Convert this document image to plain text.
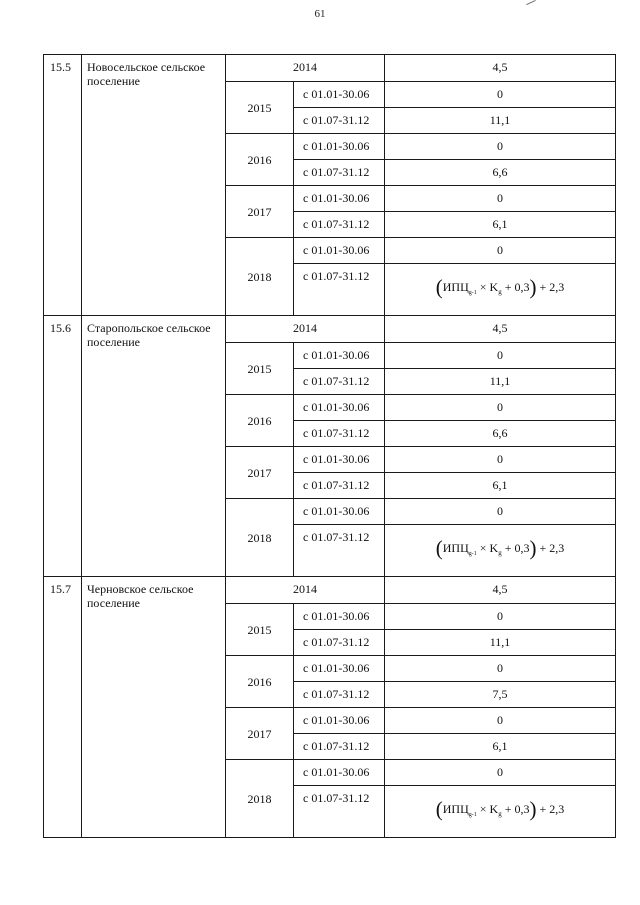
61
15.5	Новосельское сельское поселение	2014		4,5
		2015	с 01.01-30.06	0
			с 01.07-31.12	11,1
		2016	с 01.01-30.06	0
			с 01.07-31.12	6,6
		2017	с 01.01-30.06	0
			с 01.07-31.12	6,1
		2018	с 01.01-30.06	0
			с 01.07-31.12	$(ИПЦ_{g-1} \times K_g + 0,3) + 2,3$

15.6	Старопольское сельское поселение	2014		4,5
		2015	с 01.01-30.06	0
			с 01.07-31.12	11,1
		2016	с 01.01-30.06	0
			с 01.07-31.12	6,6
		2017	с 01.01-30.06	0
			с 01.07-31.12	6,1
		2018	с 01.01-30.06	0
			с 01.07-31.12	$(ИПЦ_{g-1} \times K_g + 0,3) + 2,3$

15.7	Черновское сельское поселение	2014		4,5
		2015	с 01.01-30.06	0
			с 01.07-31.12	11,1
		2016	с 01.01-30.06	0
			с 01.07-31.12	7,5
		2017	с 01.01-30.06	0
			с 01.07-31.12	6,1
		2018	с 01.01-30.06	0
			с 01.07-31.12	$(ИПЦ_{g-1} \times K_g + 0,3) + 2,3$
